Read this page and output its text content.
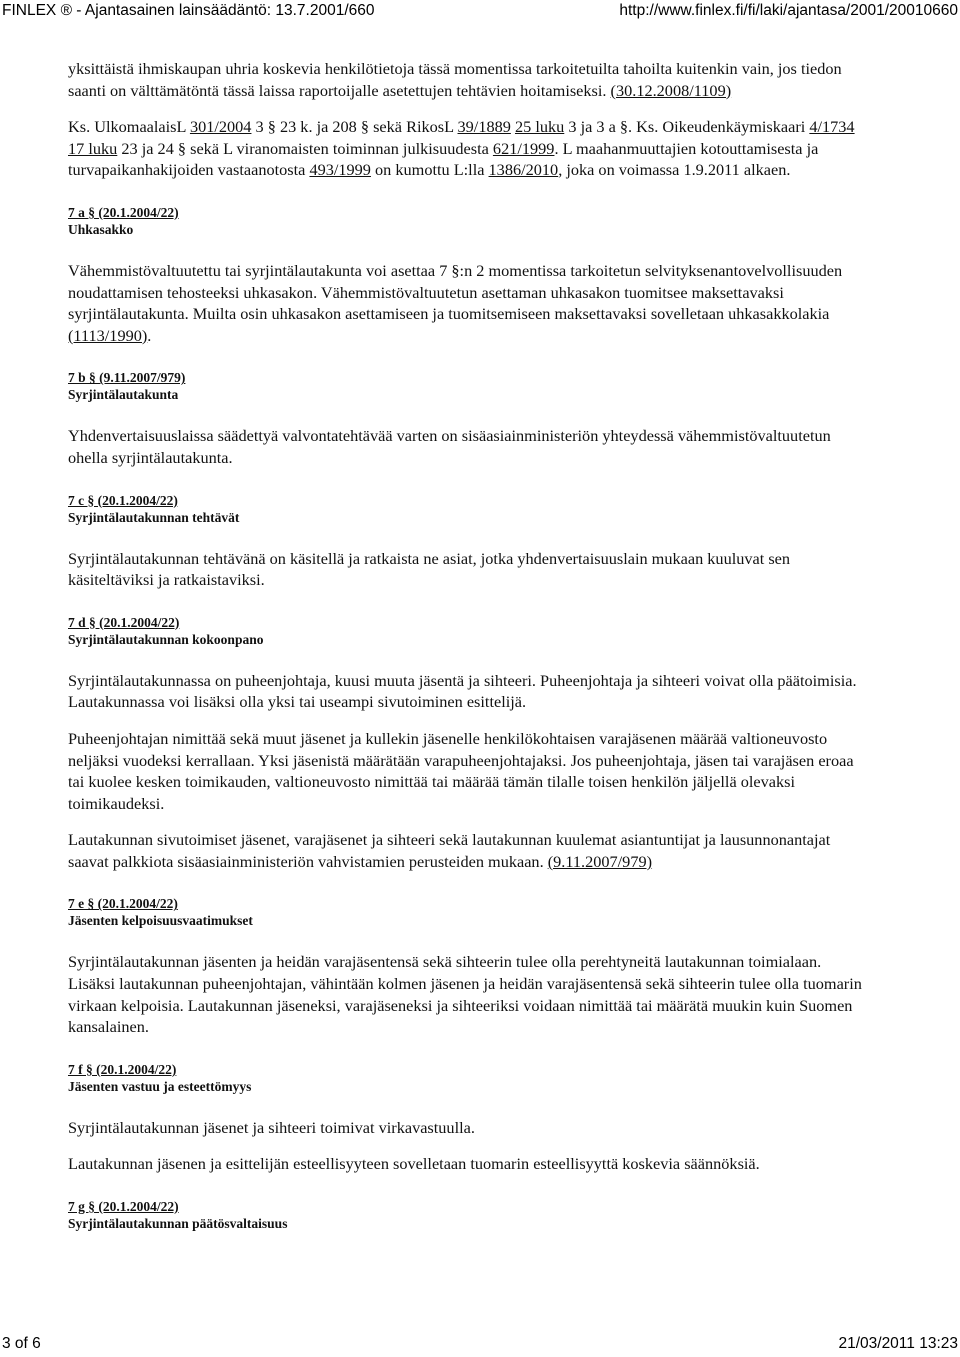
FINLEX ® - Ajantasainen lainsäädäntö: 13.7.2001/660	http://www.finlex.fi/fi/laki/ajantasa/2001/20010660

yksittäistä ihmiskaupan uhria koskevia henkilötietoja tässä momentissa tarkoitetuilta tahoilta kuitenkin vain, jos tiedon saanti on välttämätöntä tässä laissa raportoijalle asetettujen tehtävien hoitamiseksi. (30.12.2008/1109)

Ks. UlkomaalaisL 301/2004 3 § 23 k. ja 208 § sekä RikosL 39/1889 25 luku 3 ja 3 a §. Ks. Oikeudenkäymiskaari 4/1734 17 luku 23 ja 24 § sekä L viranomaisten toiminnan julkisuudesta 621/1999. L maahanmuuttajien kotouttamisesta ja turvapaikanhakijoiden vastaanotosta 493/1999 on kumottu L:lla 1386/2010, joka on voimassa 1.9.2011 alkaen.

7 a § (20.1.2004/22)
Uhkasakko

Vähemmistövaltuutettu tai syrjintälautakunta voi asettaa 7 §:n 2 momentissa tarkoitetun selvityksenantovelvollisuuden noudattamisen tehosteeksi uhkasakon. Vähemmistövaltuutetun asettaman uhkasakon tuomitsee maksettavaksi syrjintälautakunta. Muilta osin uhkasakon asettamiseen ja tuomitsemiseen maksettavaksi sovelletaan uhkasakkolakia (1113/1990).

7 b § (9.11.2007/979)
Syrjintälautakunta

Yhdenvertaisuuslaissa säädettyä valvontatehtävää varten on sisäasiainministeriön yhteydessä vähemmistövaltuutetun ohella syrjintälautakunta.

7 c § (20.1.2004/22)
Syrjintälautakunnan tehtävät

Syrjintälautakunnan tehtävänä on käsitellä ja ratkaista ne asiat, jotka yhdenvertaisuuslain mukaan kuuluvat sen käsiteltäviksi ja ratkaistaviksi.

7 d § (20.1.2004/22)
Syrjintälautakunnan kokoonpano

Syrjintälautakunnassa on puheenjohtaja, kuusi muuta jäsentä ja sihteeri. Puheenjohtaja ja sihteeri voivat olla päätoimisia. Lautakunnassa voi lisäksi olla yksi tai useampi sivutoiminen esittelijä.

Puheenjohtajan nimittää sekä muut jäsenet ja kullekin jäsenelle henkilökohtaisen varajäsenen määrää valtioneuvosto neljäksi vuodeksi kerrallaan. Yksi jäsenistä määrätään varapuheenjohtajaksi. Jos puheenjohtaja, jäsen tai varajäsen eroaa tai kuolee kesken toimikauden, valtioneuvosto nimittää tai määrää tämän tilalle toisen henkilön jäljellä olevaksi toimikaudeksi.

Lautakunnan sivutoimiset jäsenet, varajäsenet ja sihteeri sekä lautakunnan kuulemat asiantuntijat ja lausunnonantajat saavat palkkiota sisäasiainministeriön vahvistamien perusteiden mukaan. (9.11.2007/979)

7 e § (20.1.2004/22)
Jäsenten kelpoisuusvaatimukset

Syrjintälautakunnan jäsenten ja heidän varajäsentensä sekä sihteerin tulee olla perehtyneitä lautakunnan toimialaan. Lisäksi lautakunnan puheenjohtajan, vähintään kolmen jäsenen ja heidän varajäsentensä sekä sihteerin tulee olla tuomarin virkaan kelpoisia. Lautakunnan jäseneksi, varajäseneksi ja sihteeriksi voidaan nimittää tai määrätä muukin kuin Suomen kansalainen.

7 f § (20.1.2004/22)
Jäsenten vastuu ja esteettömyys

Syrjintälautakunnan jäsenet ja sihteeri toimivat virkavastuulla.

Lautakunnan jäsenen ja esittelijän esteellisyyteen sovelletaan tuomarin esteellisyyttä koskevia säännöksiä.

7 g § (20.1.2004/22)
Syrjintälautakunnan päätösvaltaisuus
3 of 6	21/03/2011 13:23
